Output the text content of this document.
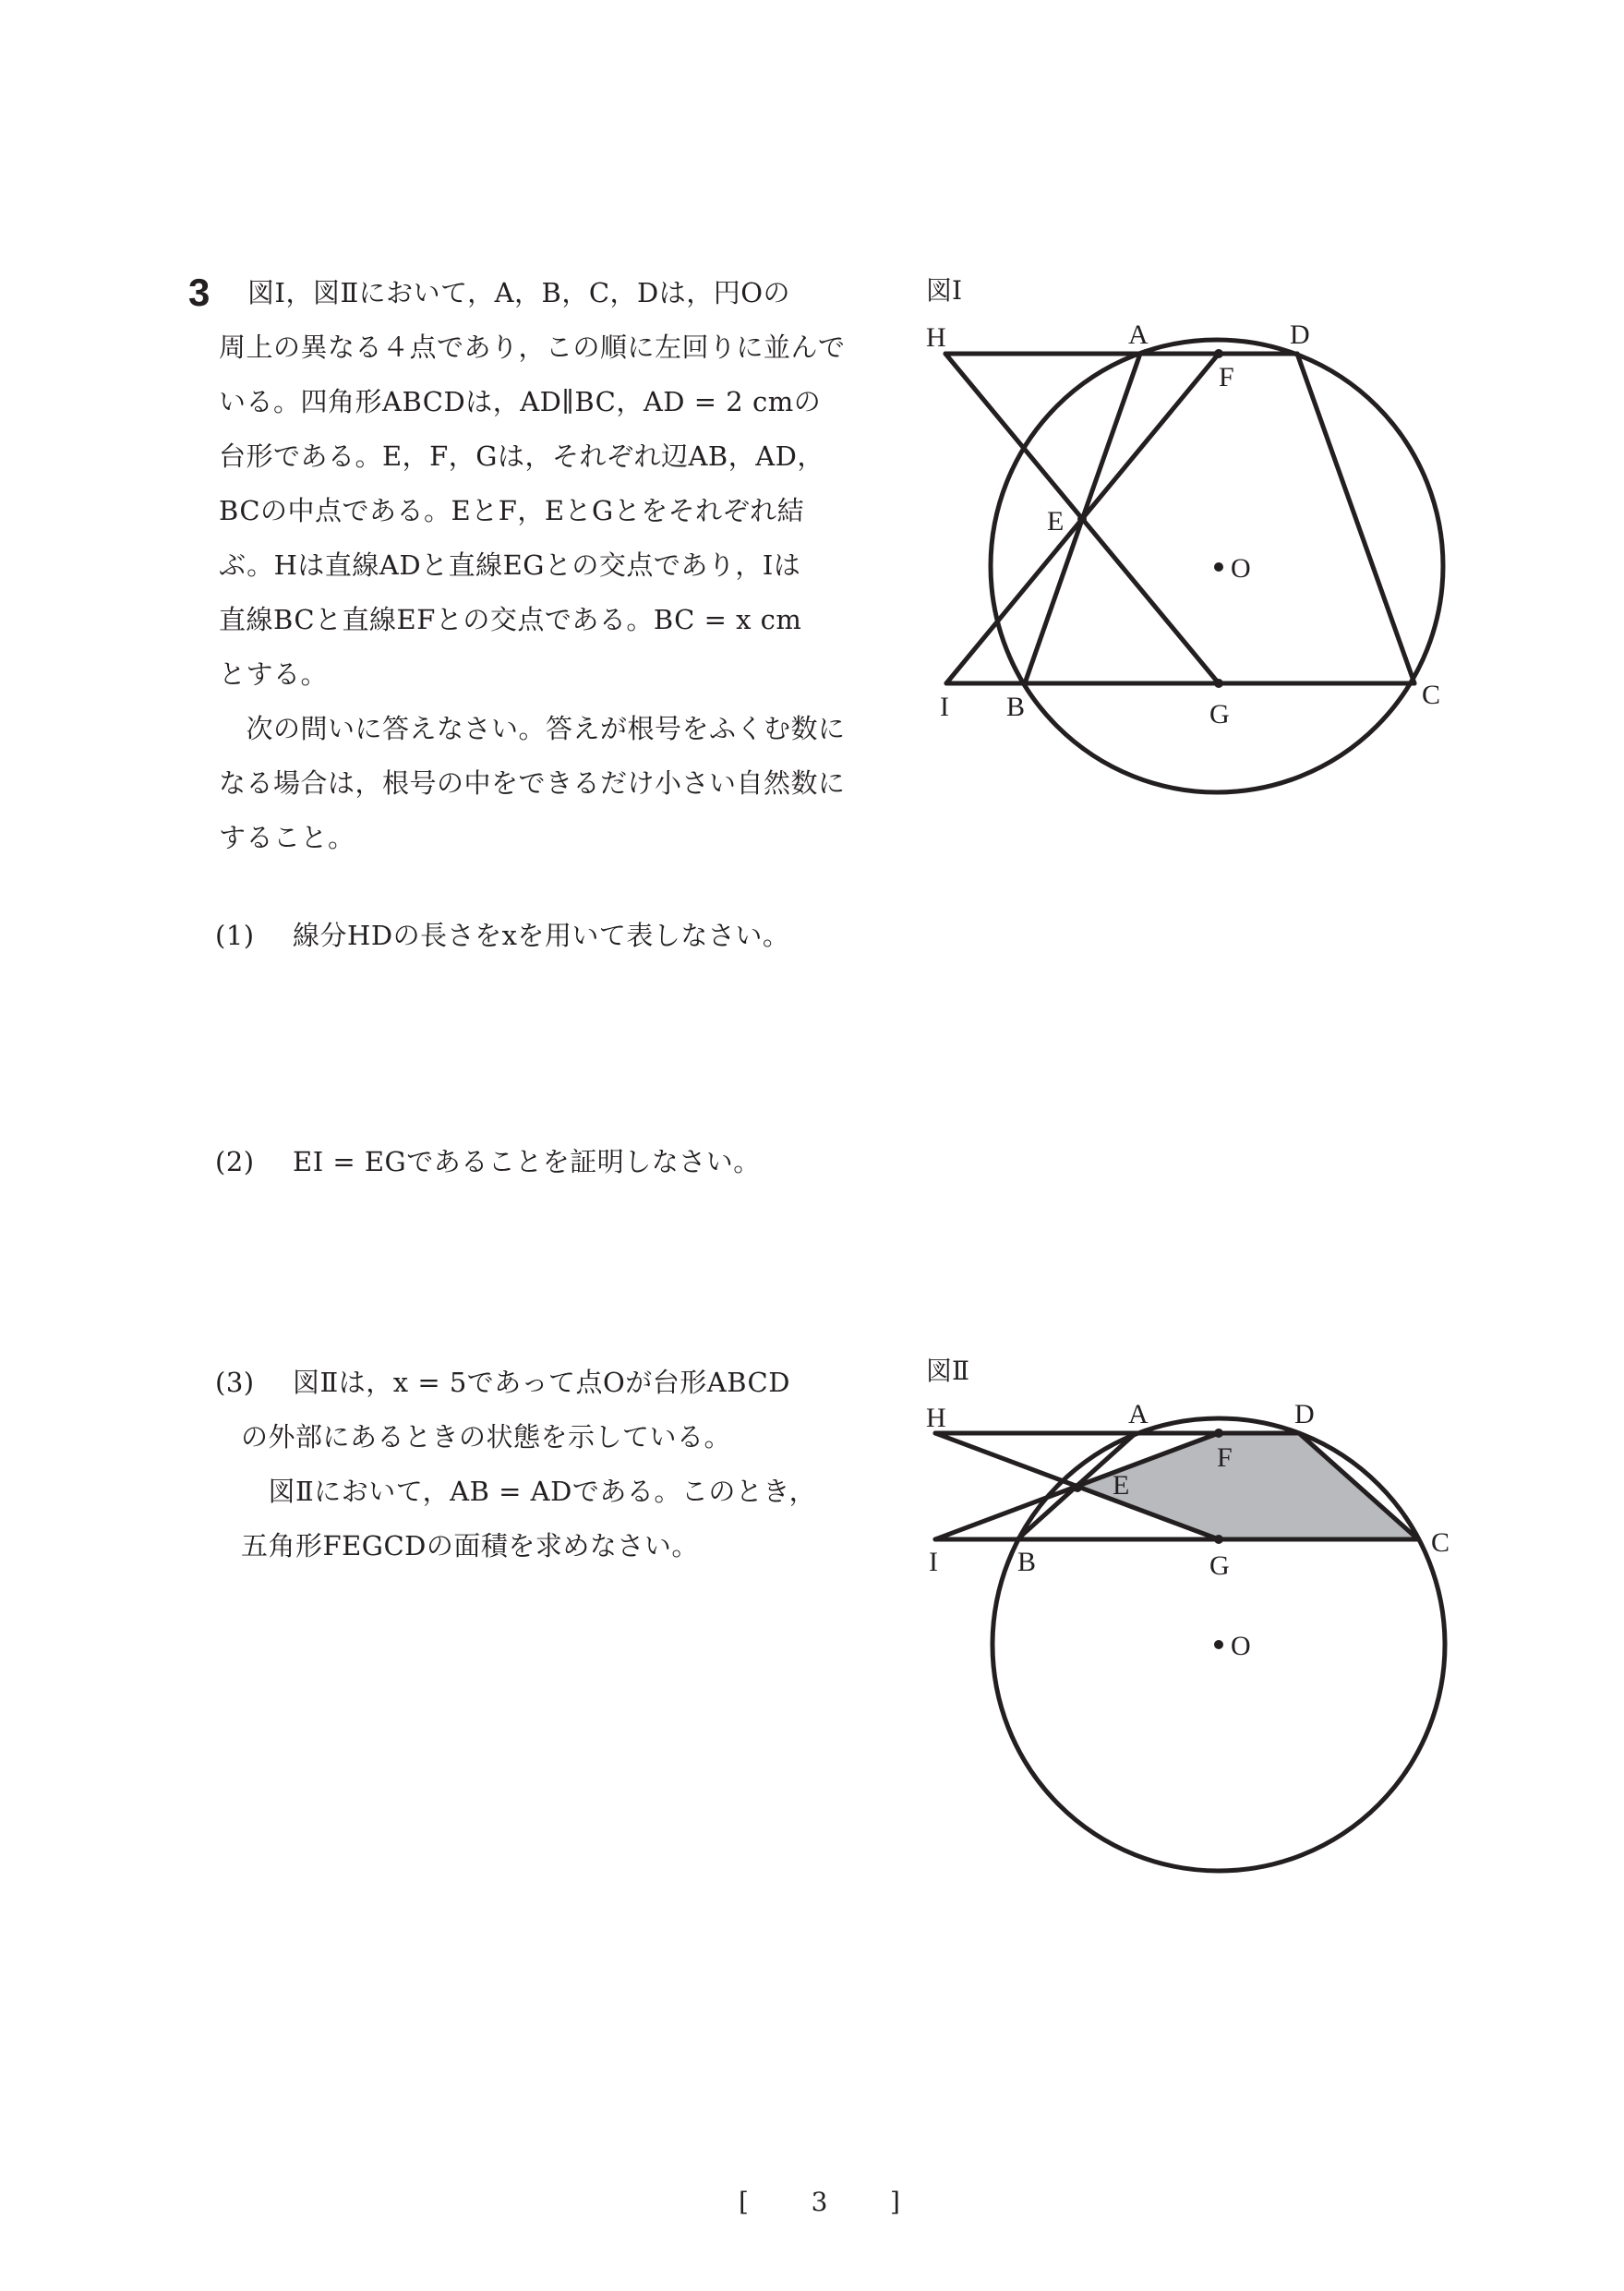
3	図Ⅰ，図Ⅱにおいて，A，B，C，Dは，円Oの
周上の異なる４点であり，この順に左回りに並んで
いる。四角形ABCDは，AD∥BC，AD = 2 cmの
台形である。E，F，Gは，それぞれ辺AB，AD，
BCの中点である。EとF，EとGとをそれぞれ結
ぶ。Hは直線ADと直線EGとの交点であり，Iは
直線BCと直線EFとの交点である。BC = x cm
とする。
　次の問いに答えなさい。答えが根号をふくむ数に
なる場合は，根号の中をできるだけ小さい自然数に
すること。
(1) 線分HDの長さをxを用いて表しなさい。
(2) EI = EGであることを証明しなさい。
(3) 図Ⅱは，x = 5であって点Oが台形ABCD
の外部にあるときの状態を示している。
　図Ⅱにおいて，AB = ADである。このとき，
五角形FEGCDの面積を求めなさい。
図Ⅰ
H	A	D
F
E
O
I B	G
C
図Ⅱ
H	A	D
F
E
O
I	B	G
C
[ 3 ]
